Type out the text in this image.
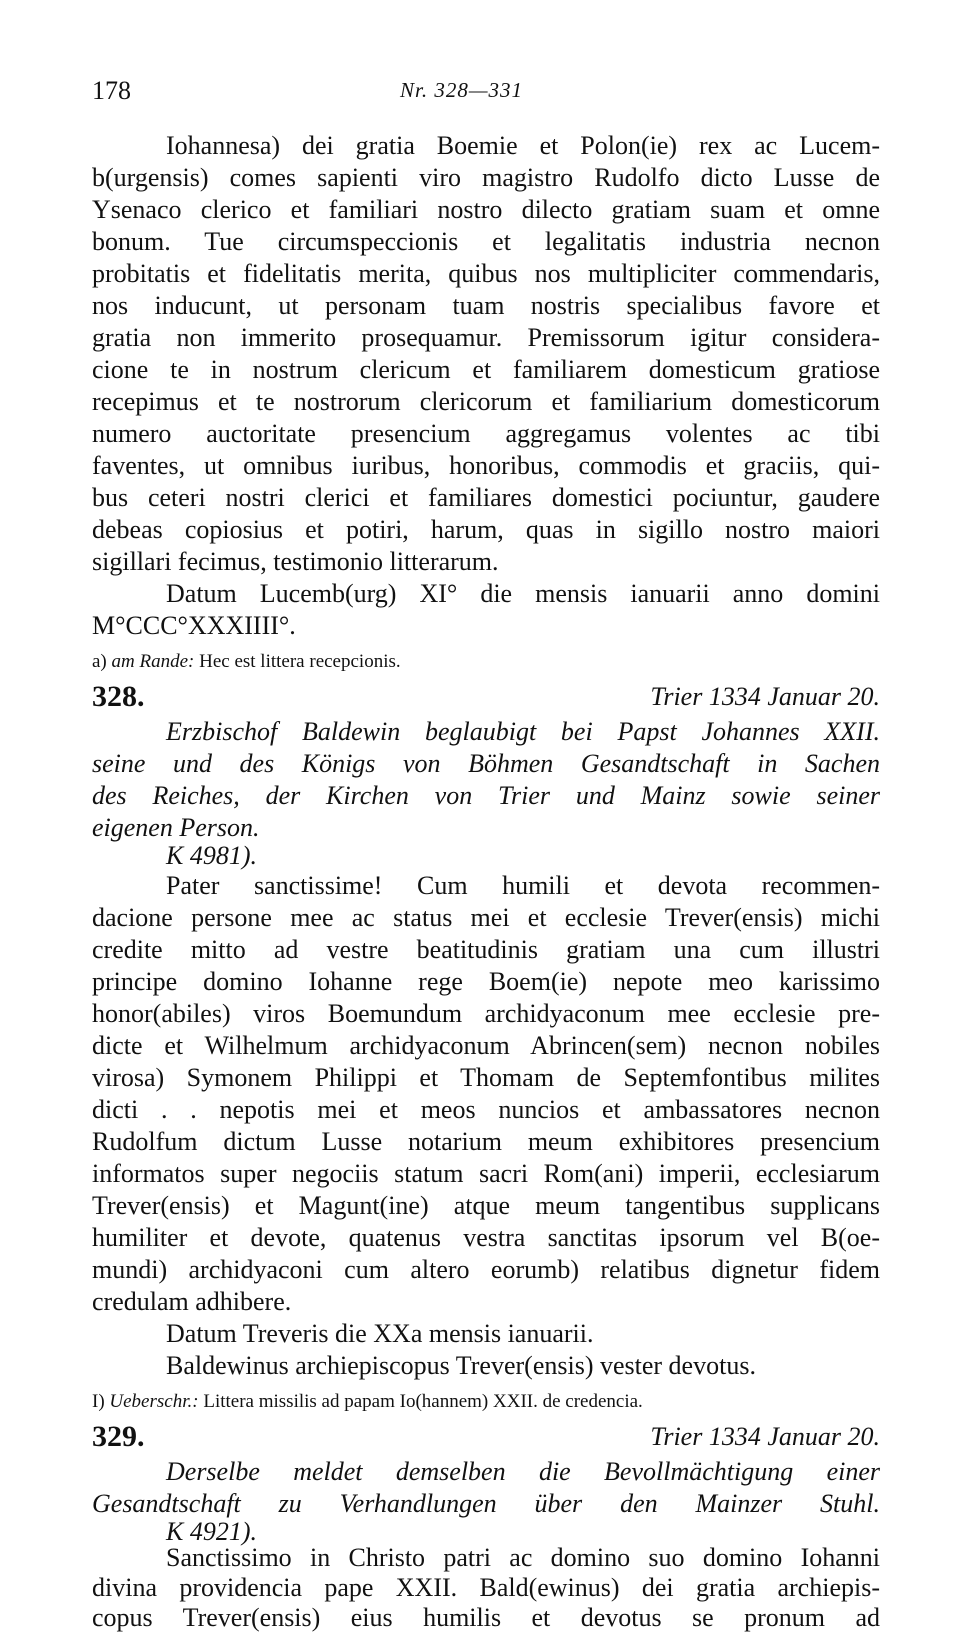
178	Nr. 328—331
Iohannesa) dei gratia Boemie et Polon(ie) rex ac Lucem-
b(urgensis) comes sapienti viro magistro Rudolfo dicto Lusse de
Ysenaco clerico et familiari nostro dilecto gratiam suam et omne
bonum. Tue circumspeccionis et legalitatis industria necnon
probitatis et fidelitatis merita, quibus nos multipliciter commendaris,
nos inducunt, ut personam tuam nostris specialibus favore et
gratia non immerito prosequamur. Premissorum igitur considera-
cione te in nostrum clericum et familiarem domesticum gratiose
recepimus et te nostrorum clericorum et familiarium domesticorum
numero auctoritate presencium aggregamus volentes ac tibi
faventes, ut omnibus iuribus, honoribus, commodis et graciis, qui-
bus ceteri nostri clerici et familiares domestici pociuntur, gaudere
debeas copiosius et potiri, harum, quas in sigillo nostro maiori
sigillari fecimus, testimonio litterarum.
Datum Lucemb(urg) XI° die mensis ianuarii anno domini
M°CCC°XXXIIII°.
a) am Rande: Hec est littera recepcionis.
328.	Trier 1334 Januar 20.
Erzbischof Baldewin beglaubigt bei Papst Johannes XXII.
seine und des Königs von Böhmen Gesandtschaft in Sachen
des Reiches, der Kirchen von Trier und Mainz sowie seiner
eigenen Person.
K 4981).
Pater sanctissime! Cum humili et devota recommen-
dacione persone mee ac status mei et ecclesie Trever(ensis) michi
credite mitto ad vestre beatitudinis gratiam una cum illustri
principe domino Iohanne rege Boem(ie) nepote meo karissimo
honor(abiles) viros Boemundum archidyaconum mee ecclesie pre-
dicte et Wilhelmum archidyaconum Abrincen(sem) necnon nobiles
virosa) Symonem Philippi et Thomam de Septemfontibus milites
dicti . . nepotis mei et meos nuncios et ambassatores necnon
Rudolfum dictum Lusse notarium meum exhibitores presencium
informatos super negociis statum sacri Rom(ani) imperii, ecclesiarum
Trever(ensis) et Magunt(ine) atque meum tangentibus supplicans
humiliter et devote, quatenus vestra sanctitas ipsorum vel B(oe-
mundi) archidyaconi cum altero eorumb) relatibus dignetur fidem
credulam adhibere.
Datum Treveris die XXa mensis ianuarii.
Baldewinus archiepiscopus Trever(ensis) vester devotus.
I) Ueberschr.: Littera missilis ad papam Io(hannem) XXII. de credencia.
329.	Trier 1334 Januar 20.
Derselbe meldet demselben die Bevollmächtigung einer
Gesandtschaft zu Verhandlungen über den Mainzer Stuhl.
K 4921).
Sanctissimo in Christo patri ac domino suo domino Iohanni
divina providencia pape XXII. Bald(ewinus) dei gratia archiepis-
copus Trever(ensis) eius humilis et devotus se pronum ad
